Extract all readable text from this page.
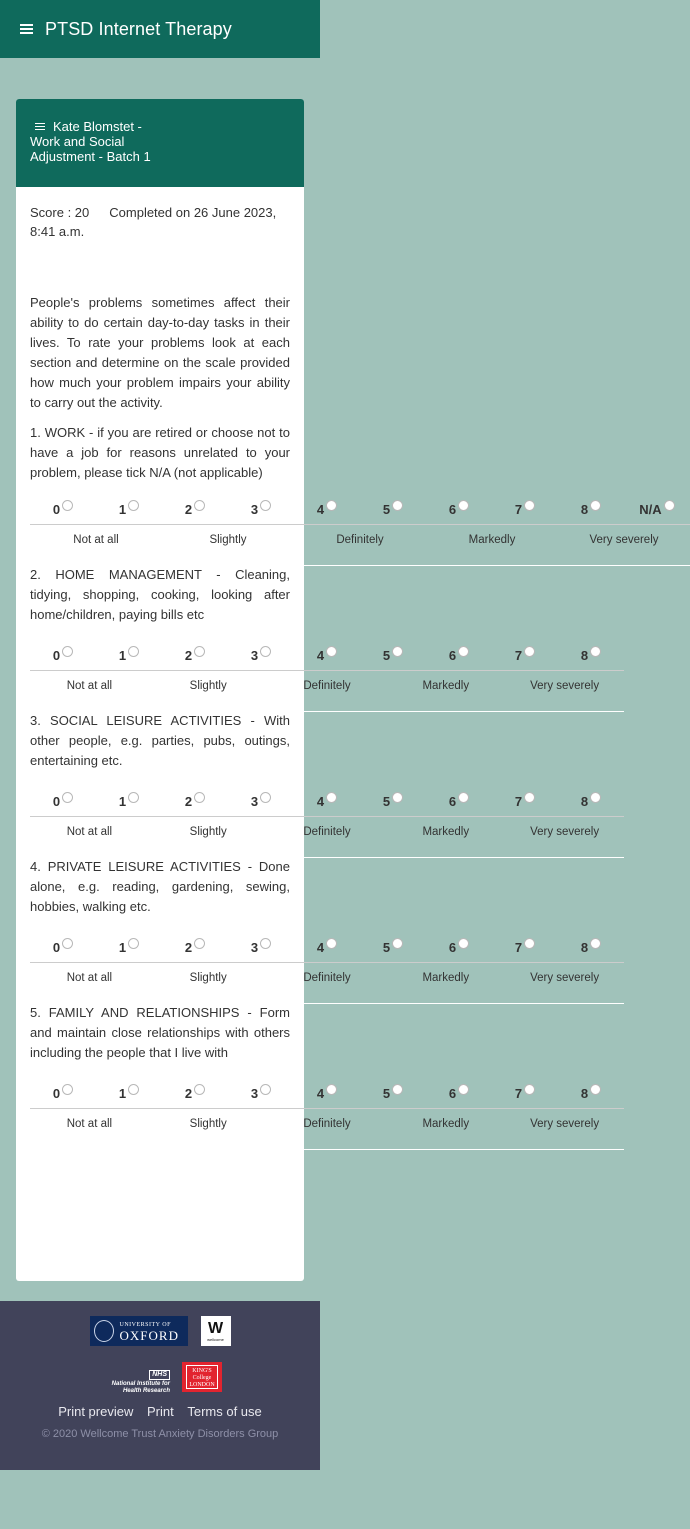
PTSD Internet Therapy
Kate Blomstet -
Work and Social
Adjustment - Batch 1
Score : 20 Completed on 26 June 2023,
8:41 a.m.

People's problems sometimes affect their ability to do certain day-to-day tasks in their lives. To rate your problems look at each section and determine on the scale provided how much your problem impairs your ability to carry out the activity.

1. WORK - if you are retired or choose not to have a job for reasons unrelated to your problem, please tick N/A (not applicable)

0	1	2	3	4	5	6	7	8	N/A
Not at all	Slightly	Definitely	Markedly	Very severely

2. HOME MANAGEMENT - Cleaning, tidying, shopping, cooking, looking after home/children, paying bills etc

0	1	2	3	4	5	6	7	8
Not at all	Slightly	Definitely	Markedly	Very severely

3. SOCIAL LEISURE ACTIVITIES - With other people, e.g. parties, pubs, outings, entertaining etc.

0	1	2	3	4	5	6	7	8
Not at all	Slightly	Definitely	Markedly	Very severely

4. PRIVATE LEISURE ACTIVITIES - Done alone, e.g. reading, gardening, sewing, hobbies, walking etc.

0	1	2	3	4	5	6	7	8
Not at all	Slightly	Definitely	Markedly	Very severely

5. FAMILY AND RELATIONSHIPS - Form and maintain close relationships with others including the people that I live with

0	1	2	3	4	5	6	7	8
Not at all	Slightly	Definitely	Markedly	Very severely
UNIVERSITY OF
OXFORD W
wellcome
NHS
National Institute for
Health Research
KING'S
College
LONDON
Print preview Print Terms of use
© 2020 Wellcome Trust Anxiety Disorders Group
